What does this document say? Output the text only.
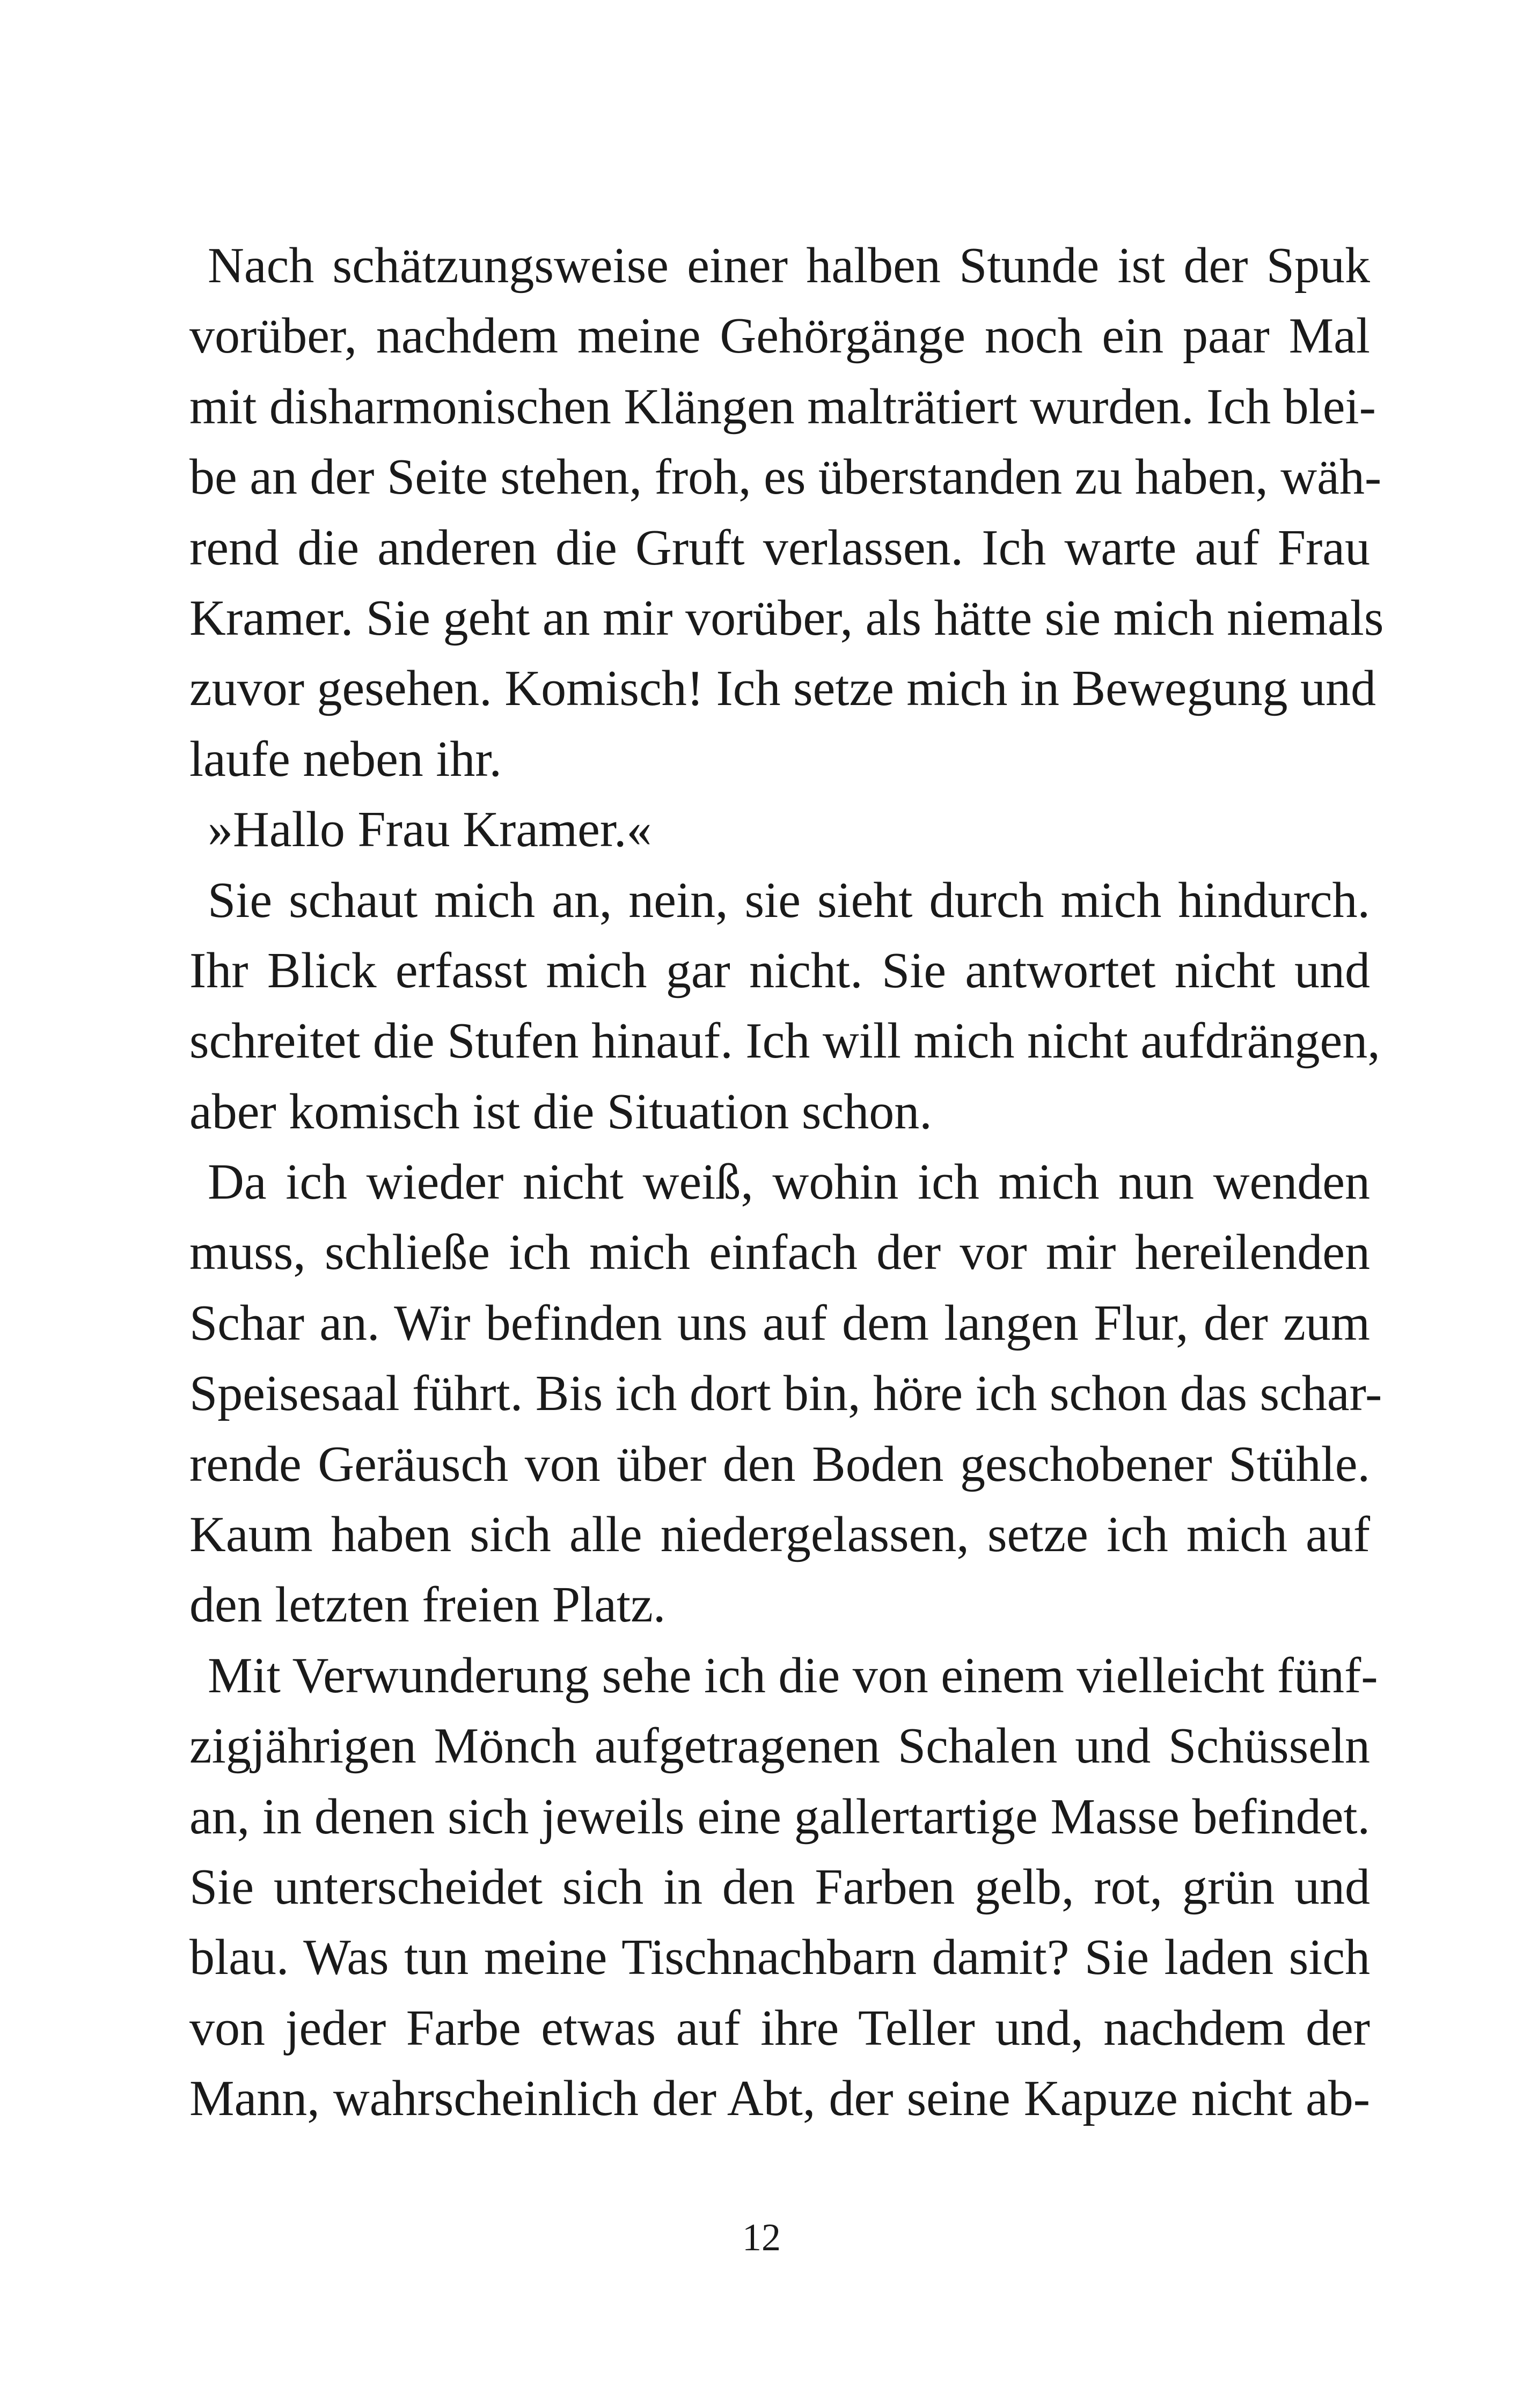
Nach schätzungsweise einer halben Stunde ist der Spuk
vorüber, nachdem meine Gehörgänge noch ein paar Mal
mit disharmonischen Klängen malträtiert wurden. Ich blei-
be an der Seite stehen, froh, es überstanden zu haben, wäh-
rend die anderen die Gruft verlassen. Ich warte auf Frau
Kramer. Sie geht an mir vorüber, als hätte sie mich niemals
zuvor gesehen. Komisch! Ich setze mich in Bewegung und
laufe neben ihr.
»Hallo Frau Kramer.«
Sie schaut mich an, nein, sie sieht durch mich hindurch.
Ihr Blick erfasst mich gar nicht. Sie antwortet nicht und
schreitet die Stufen hinauf. Ich will mich nicht aufdrängen,
aber komisch ist die Situation schon.
Da ich wieder nicht weiß, wohin ich mich nun wenden
muss, schließe ich mich einfach der vor mir hereilenden
Schar an. Wir befinden uns auf dem langen Flur, der zum
Speisesaal führt. Bis ich dort bin, höre ich schon das schar-
rende Geräusch von über den Boden geschobener Stühle.
Kaum haben sich alle niedergelassen, setze ich mich auf
den letzten freien Platz.
Mit Verwunderung sehe ich die von einem vielleicht fünf-
zigjährigen Mönch aufgetragenen Schalen und Schüsseln
an, in denen sich jeweils eine gallertartige Masse befindet.
Sie unterscheidet sich in den Farben gelb, rot, grün und
blau. Was tun meine Tischnachbarn damit? Sie laden sich
von jeder Farbe etwas auf ihre Teller und, nachdem der
Mann, wahrscheinlich der Abt, der seine Kapuze nicht ab-
12
